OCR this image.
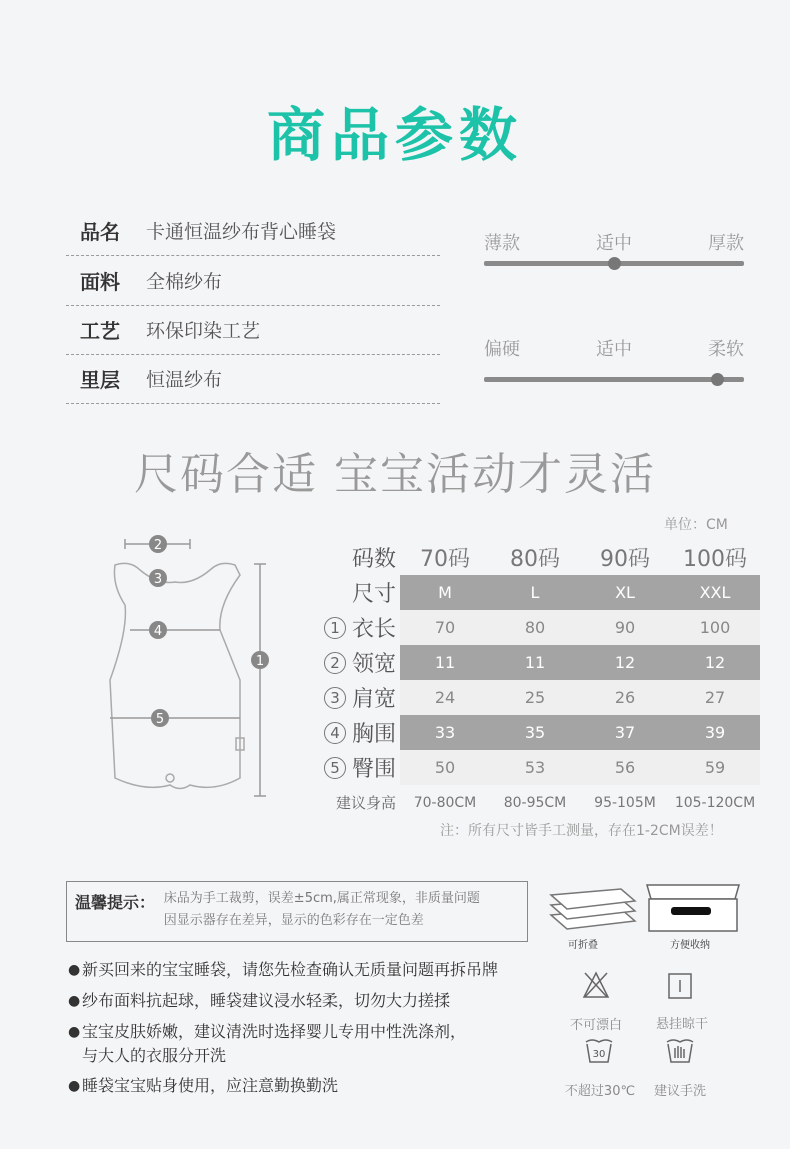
商品参数
品名	卡通恒温纱布背心睡袋
面料	全棉纱布
工艺	环保印染工艺
里层	恒温纱布
薄款	适中	厚款
偏硬	适中	柔软
尺码合适 宝宝活动才灵活
单位：CM
2
3
4
5
1
码数	70码	80码	90码	100码
尺寸	M	L	XL	XXL
1 衣长	70	80	90	100
2 领宽	11	11	12	12
3 肩宽	24	25	26	27
4 胸围	33	35	37	39
5 臀围	50	53	56	59
建议身高	70-80CM	80-95CM	95-105M	105-120CM
注：所有尺寸皆手工测量，存在1-2CM误差！
温馨提示： 床品为手工裁剪，误差±5cm,属正常现象，非质量问题
因显示器存在差异，显示的色彩存在一定色差
● 新买回来的宝宝睡袋，请您先检查确认无质量问题再拆吊牌
● 纱布面料抗起球，睡袋建议浸水轻柔，切勿大力搓揉
● 宝宝皮肤娇嫩，建议清洗时选择婴儿专用中性洗涤剂，
与大人的衣服分开洗
● 睡袋宝宝贴身使用，应注意勤换勤洗
可折叠	方便收纳
不可漂白	悬挂晾干
30
不超过30℃	建议手洗
